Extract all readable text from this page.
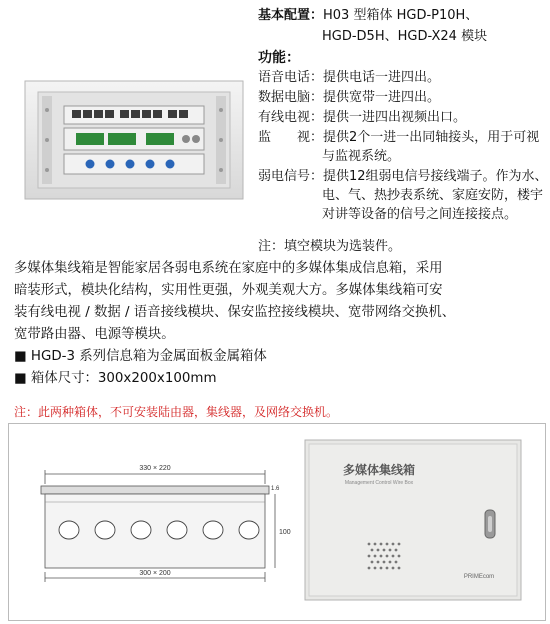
基本配置：H03 型箱体 HGD-P10H、
HGD-D5H、HGD-X24 模块
功能：
语音电话：提供电话一进四出。
数据电脑：提供宽带一进四出。
有线电视：提供一进四出视频出口。
监　　视：提供2个一进一出同轴接头，用于可视
与监视系统。
弱电信号：提供12组弱电信号接线端子。作为水、
电、气、热抄表系统、家庭安防，楼宇
对讲等设备的信号之间连接接点。
注：填空模块为选装件。

多媒体集线箱是智能家居各弱电系统在家庭中的多媒体集成信息箱，采用

暗装形式，模块化结构，实用性更强，外观美观大方。多媒体集线箱可安

装有线电视 / 数据 / 语音接线模块、保安监控接线模块、宽带网络交换机、

宽带路由器、电源等模块。

■ HGD-3 系列信息箱为金属面板金属箱体

■ 箱体尺寸：300x200x100mm

注：此两种箱体，不可安装陆由器，集线器，及网络交换机。
330 × 220
1.6
100
300 × 200
多媒体集线箱
Management Control Wire Box
PRIMEcom
